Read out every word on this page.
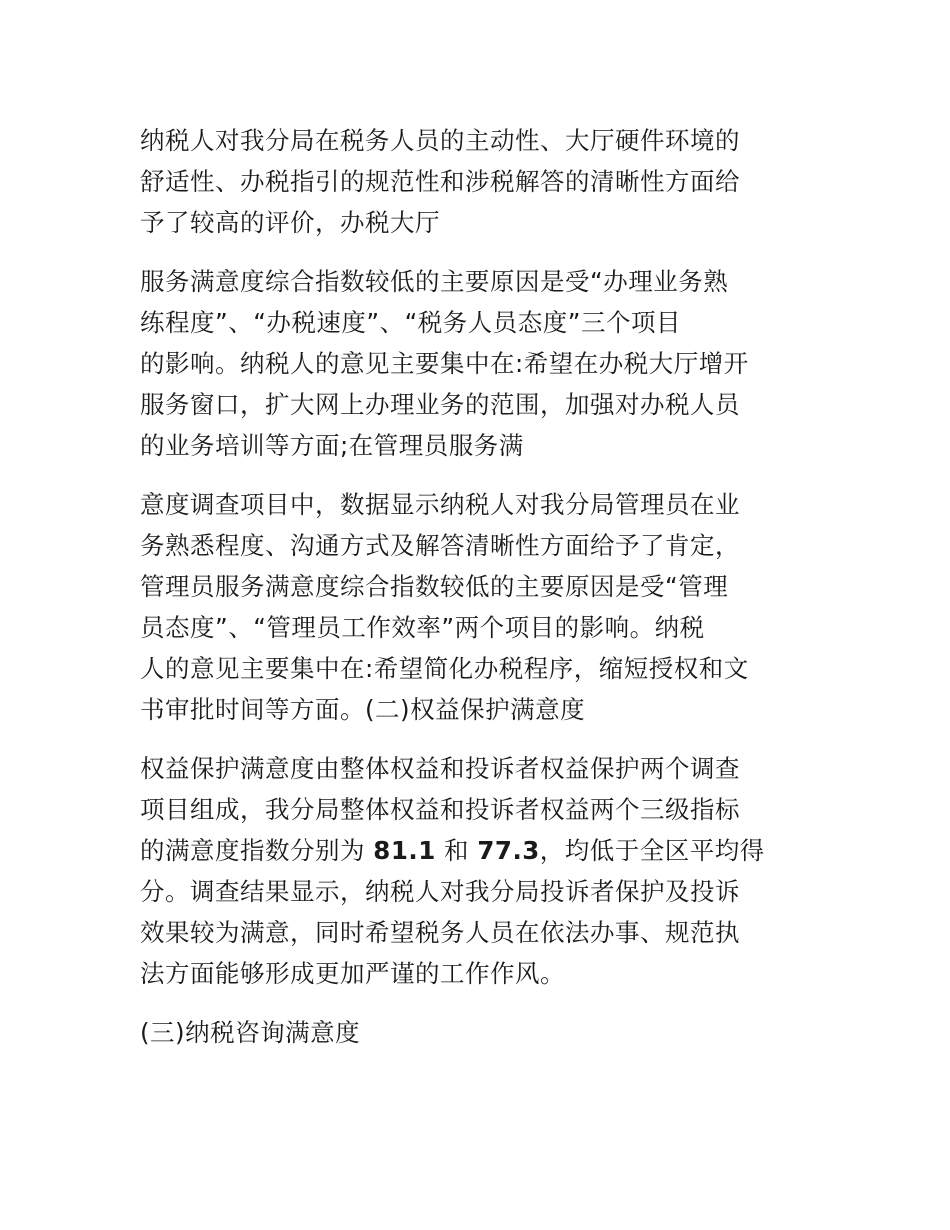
纳税人对我分局在税务人员的主动性、大厅硬件环境的
舒适性、办税指引的规范性和涉税解答的清晰性方面给
予了较高的评价，办税大厅

服务满意度综合指数较低的主要原因是受“办理业务熟
练程度”、“办税速度”、“税务人员态度”三个项目
的影响。纳税人的意见主要集中在:希望在办税大厅增开
服务窗口，扩大网上办理业务的范围，加强对办税人员
的业务培训等方面;在管理员服务满

意度调查项目中，数据显示纳税人对我分局管理员在业
务熟悉程度、沟通方式及解答清晰性方面给予了肯定，
管理员服务满意度综合指数较低的主要原因是受“管理
员态度”、“管理员工作效率”两个项目的影响。纳税
人的意见主要集中在:希望简化办税程序，缩短授权和文
书审批时间等方面。(二)权益保护满意度

权益保护满意度由整体权益和投诉者权益保护两个调查
项目组成，我分局整体权益和投诉者权益两个三级指标
的满意度指数分别为 81.1 和 77.3，均低于全区平均得
分。调查结果显示，纳税人对我分局投诉者保护及投诉
效果较为满意，同时希望税务人员在依法办事、规范执
法方面能够形成更加严谨的工作作风。

(三)纳税咨询满意度
